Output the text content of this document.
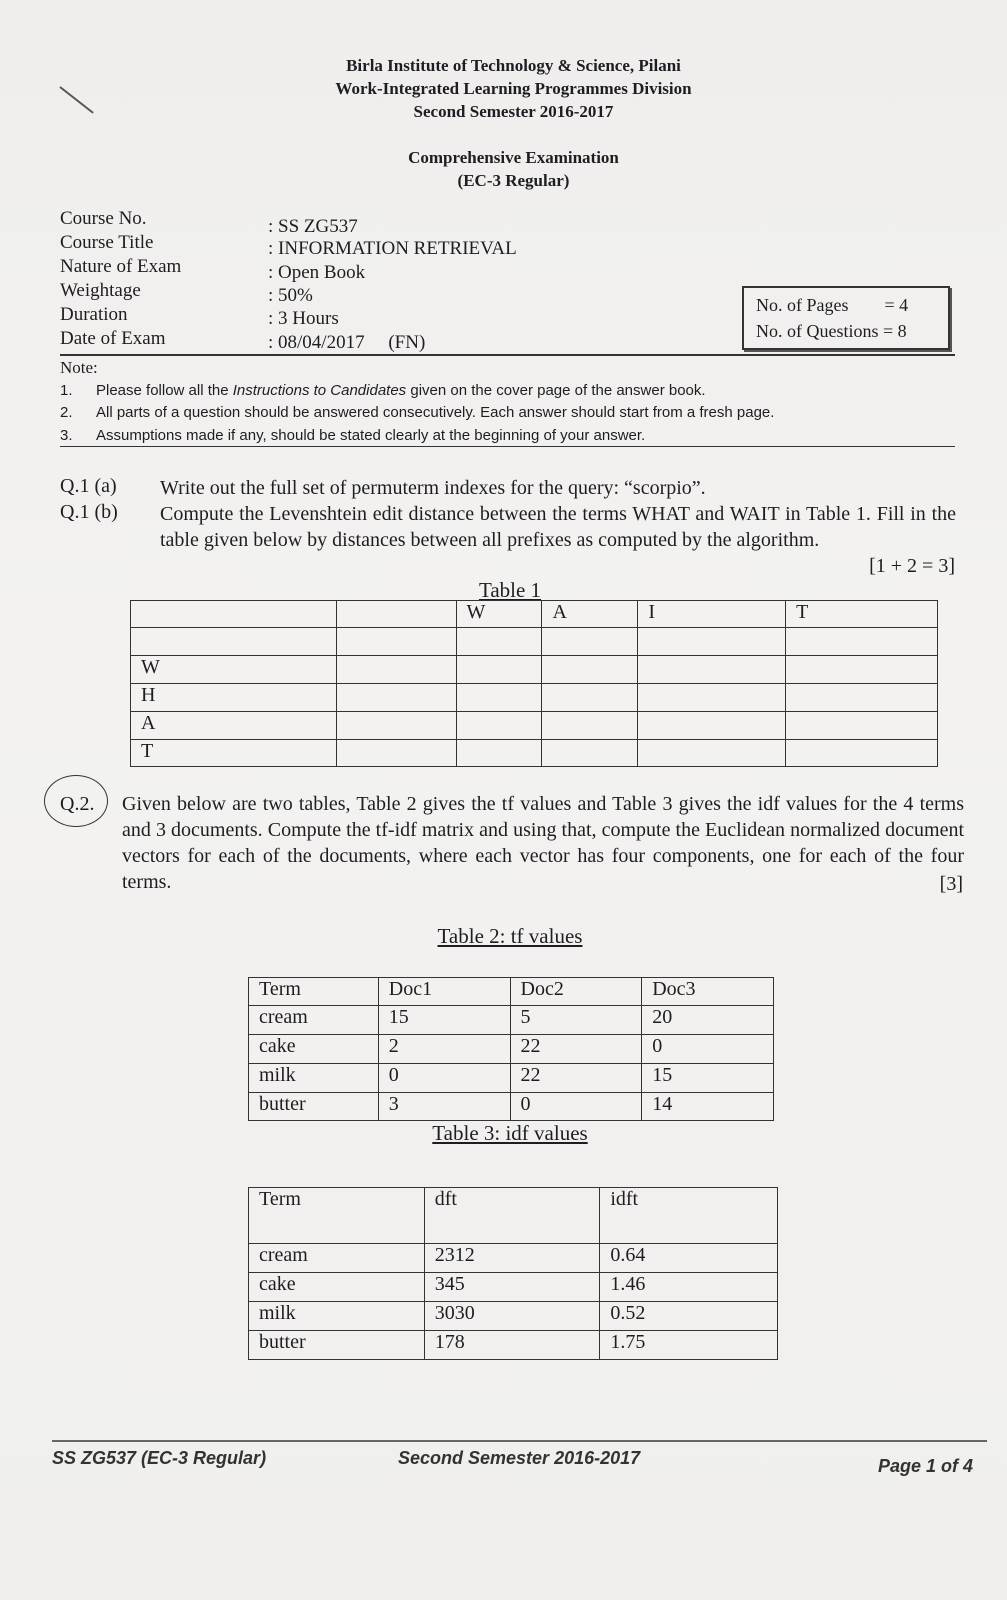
Birla Institute of Technology & Science, Pilani
Work-Integrated Learning Programmes Division
Second Semester 2016-2017
Comprehensive Examination
(EC-3 Regular)
Course No.	: SS ZG537
Course Title	: INFORMATION RETRIEVAL
Nature of Exam	: Open Book
Weightage	: 50%
Duration	: 3 Hours
Date of Exam	: 08/04/2017     (FN)
No. of Pages        = 4
No. of Questions = 8
Note:
1. Please follow all the Instructions to Candidates given on the cover page of the answer book.
2. All parts of a question should be answered consecutively. Each answer should start from a fresh page.
3. Assumptions made if any, should be stated clearly at the beginning of your answer.
Q.1 (a) Write out the full set of permuterm indexes for the query: “scorpio”.
Q.1 (b) Compute the Levenshtein edit distance between the terms WHAT and WAIT in Table 1. Fill in the table given below by distances between all prefixes as computed by the algorithm.
[1 + 2 = 3]
Table 1
		W	A	I	T

W					
H					
A					
T					
Q.2. Given below are two tables, Table 2 gives the tf values and Table 3 gives the idf values for the 4 terms and 3 documents. Compute the tf-idf matrix and using that, compute the Euclidean normalized document vectors for each of the documents, where each vector has four components, one for each of the four terms.	[3]
Table 2: tf values
Term	Doc1	Doc2	Doc3
cream	15	5	20
cake	2	22	0
milk	0	22	15
butter	3	0	14
Table 3: idf values
Term	dft	idft
cream	2312	0.64
cake	345	1.46
milk	3030	0.52
butter	178	1.75
SS ZG537 (EC-3 Regular)	Second Semester 2016-2017	Page 1 of 4
